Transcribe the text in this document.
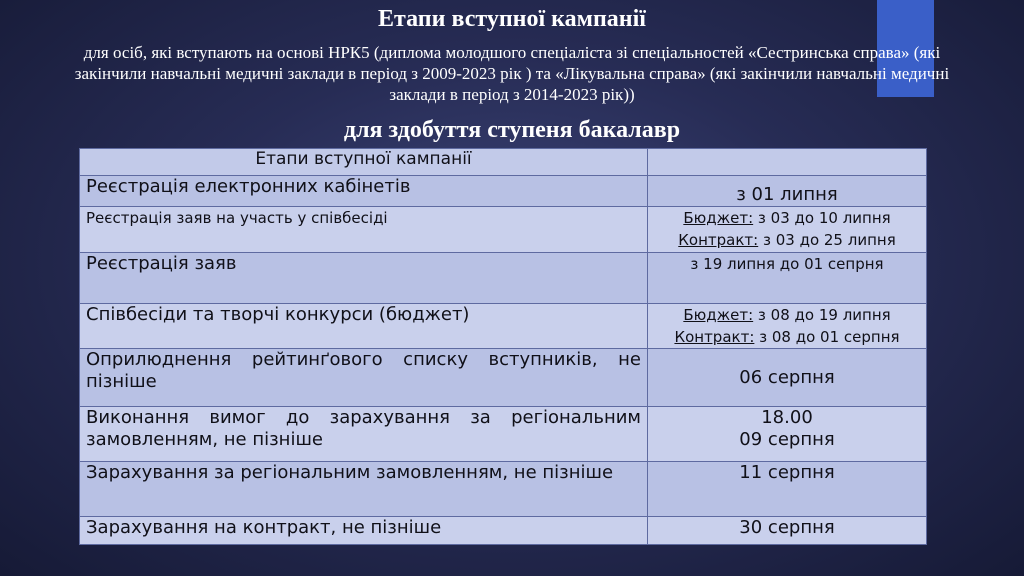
Етапи вступної кампанії

для осіб, які вступають на основі НРК5 (диплома молодшого спеціаліста зі спеціальностей «Сестринська справа» (які закінчили навчальні медичні заклади в період з 2009-2023 рік ) та «Лікувальна справа» (які закінчили навчальні медичні заклади в період з 2014-2023 рік))

для здобуття ступеня бакалавр
Етапи вступної кампанії	
Реєстрація електронних кабінетів	з 01 липня
Реєстрація заяв на участь у співбесіді	Бюджет: з 03 до 10 липня
Контракт: з 03 до 25 липня

Реєстрація заяв	з 19 липня до 01 сепрня
Співбесіди та творчі конкурси (бюджет)	Бюджет: з 08 до 19 липня
Контракт: з 08 до 01 серпня

Оприлюднення рейтинґового списку вступників, не пізніше	06 серпня
Виконання вимог до зарахування за регіональним замовленням, не пізніше	18.00
09 серпня

Зарахування за регіональним замовленням, не пізніше	11 серпня
Зарахування на контракт, не пізніше	30 серпня
